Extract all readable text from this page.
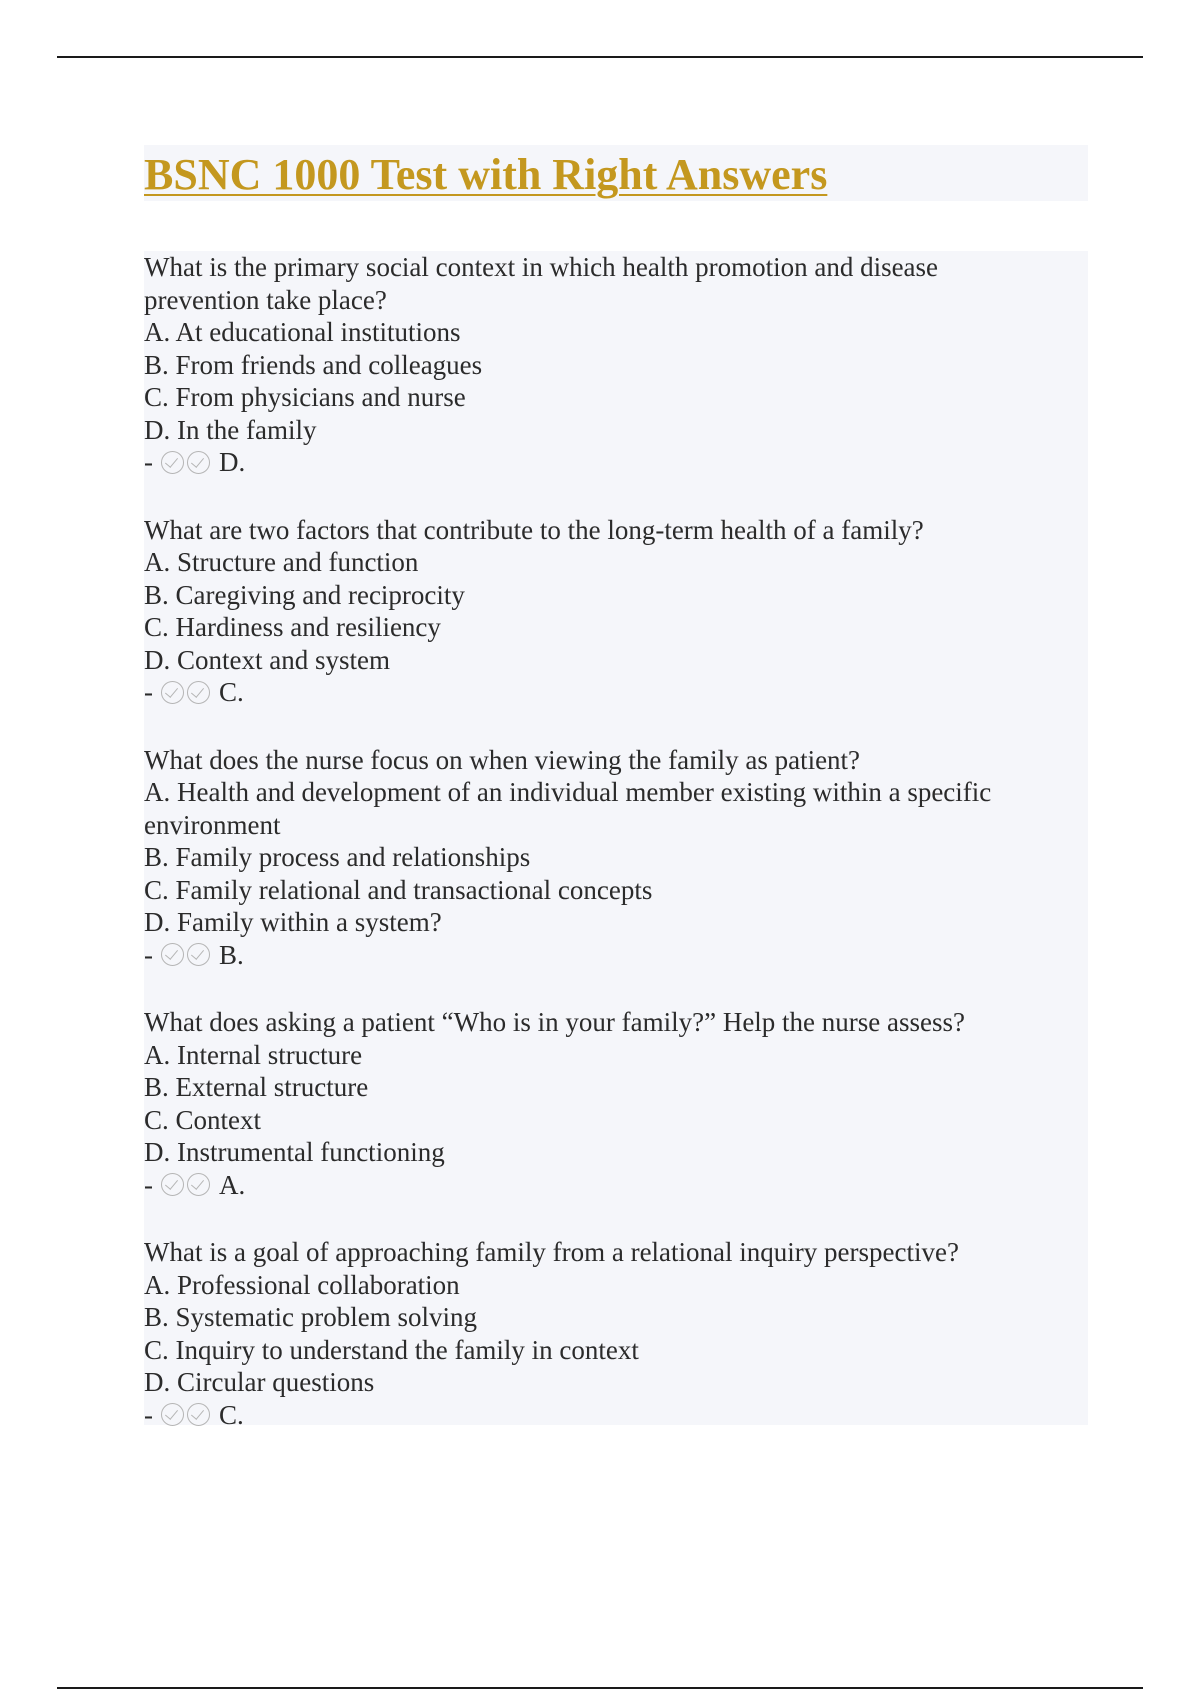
BSNC 1000 Test with Right Answers

What is the primary social context in which health promotion and disease prevention take place?

A. At educational institutions

B. From friends and colleagues

C. From physicians and nurse

D. In the family

- D.

What are two factors that contribute to the long-term health of a family?

A. Structure and function

B. Caregiving and reciprocity

C. Hardiness and resiliency

D. Context and system

- C.

What does the nurse focus on when viewing the family as patient?

A. Health and development of an individual member existing within a specific environment

B. Family process and relationships

C. Family relational and transactional concepts

D. Family within a system?

- B.

What does asking a patient “Who is in your family?” Help the nurse assess?

A. Internal structure

B. External structure

C. Context

D. Instrumental functioning

- A.

What is a goal of approaching family from a relational inquiry perspective?

A. Professional collaboration

B. Systematic problem solving

C. Inquiry to understand the family in context

D. Circular questions

- C.
